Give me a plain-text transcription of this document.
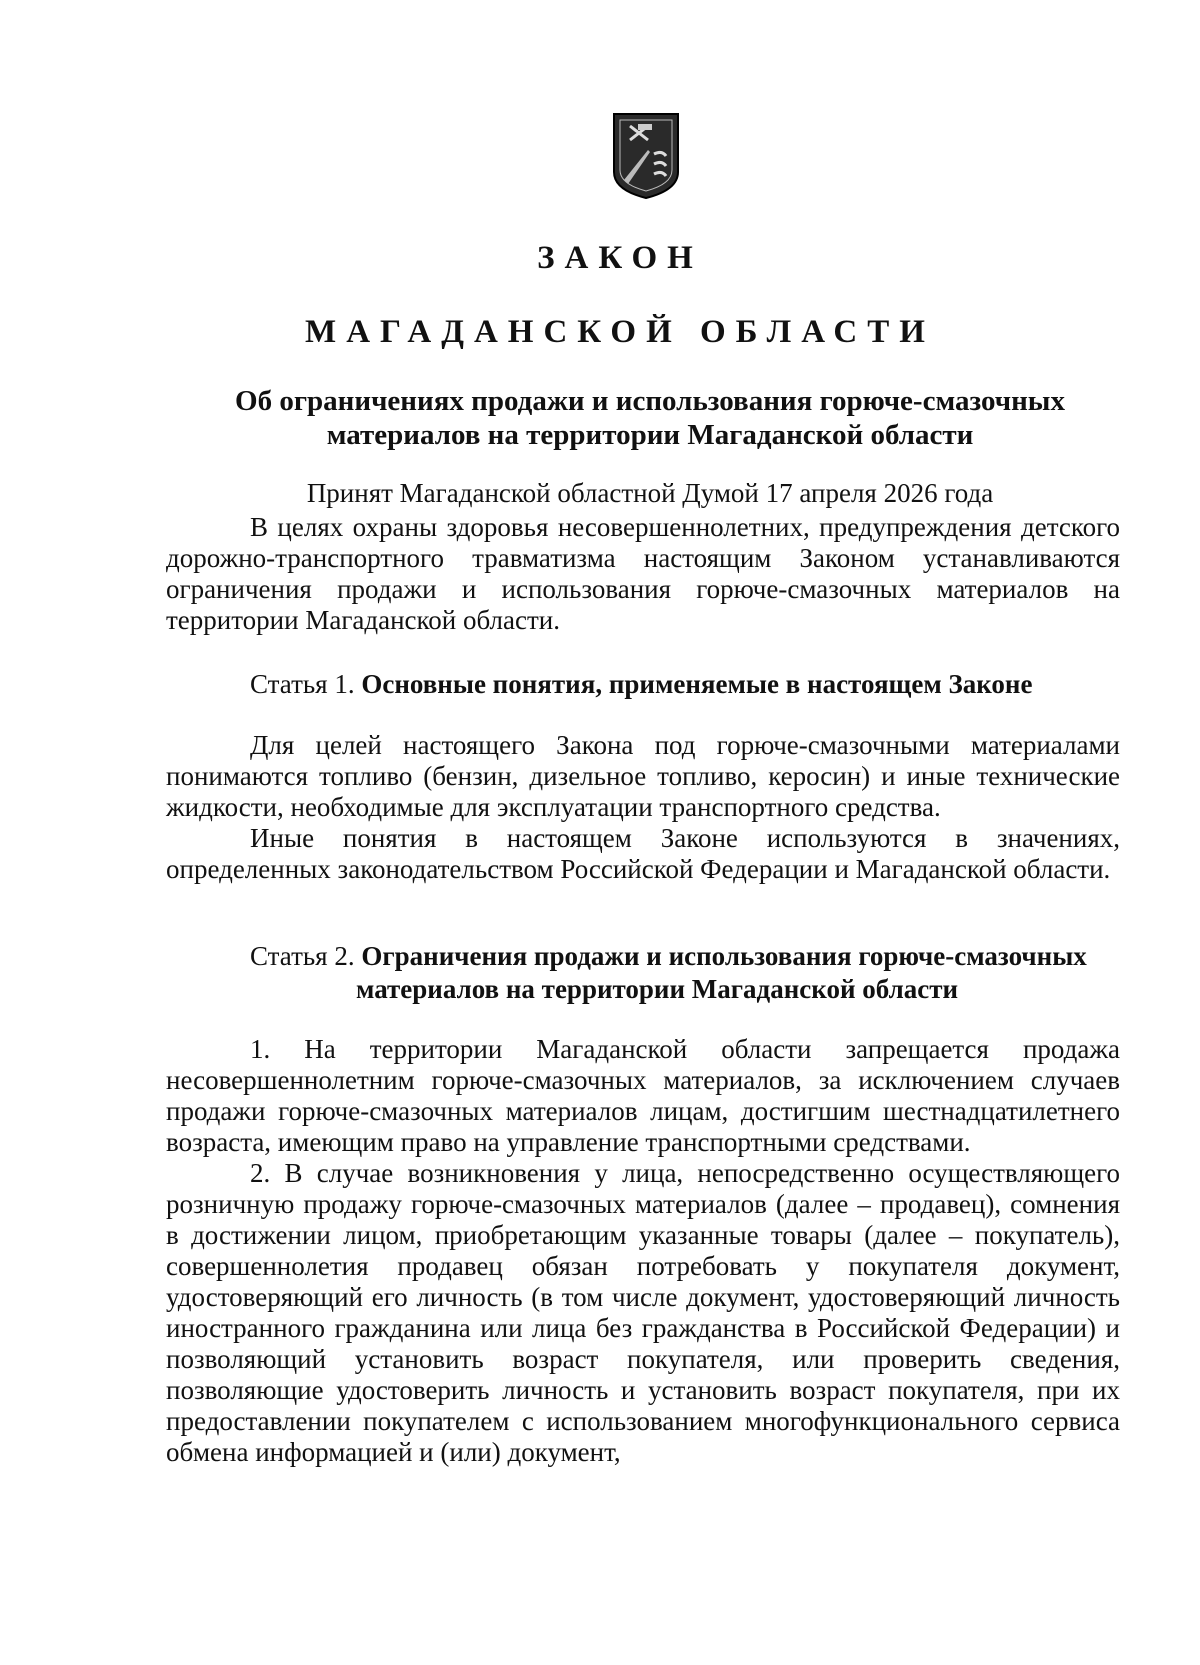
ЗАКОН
МАГАДАНСКОЙ ОБЛАСТИ
Об ограничениях продажи и использования горюче-смазочных
материалов на территории Магаданской области
Принят Магаданской областной Думой 17 апреля 2026 года

В целях охраны здоровья несовершеннолетних, предупреждения детского дорожно-транспортного травматизма настоящим Законом устанавливаются ограничения продажи и использования горюче-смазочных материалов на территории Магаданской области.

Статья 1. Основные понятия, применяемые в настоящем Законе

Для целей настоящего Закона под горюче-смазочными материалами понимаются топливо (бензин, дизельное топливо, керосин) и иные технические жидкости, необходимые для эксплуатации транспортного средства.

Иные понятия в настоящем Законе используются в значениях, определенных законодательством Российской Федерации и Магаданской области.

Статья 2. Ограничения продажи и использования горюче-смазочных
материалов на территории Магаданской области

1. На территории Магаданской области запрещается продажа несовершеннолетним горюче-смазочных материалов, за исключением случаев продажи горюче-смазочных материалов лицам, достигшим шестнадцатилетнего возраста, имеющим право на управление транспортными средствами.

2. В случае возникновения у лица, непосредственно осуществляющего розничную продажу горюче-смазочных материалов (далее – продавец), сомнения в достижении лицом, приобретающим указанные товары (далее – покупатель), совершеннолетия продавец обязан потребовать у покупателя документ, удостоверяющий его личность (в том числе документ, удостоверяющий личность иностранного гражданина или лица без гражданства в Российской Федерации) и позволяющий установить возраст покупателя, или проверить сведения, позволяющие удостоверить личность и установить возраст покупателя, при их предоставлении покупателем с использованием многофункционального сервиса обмена информацией и (или) документ,
